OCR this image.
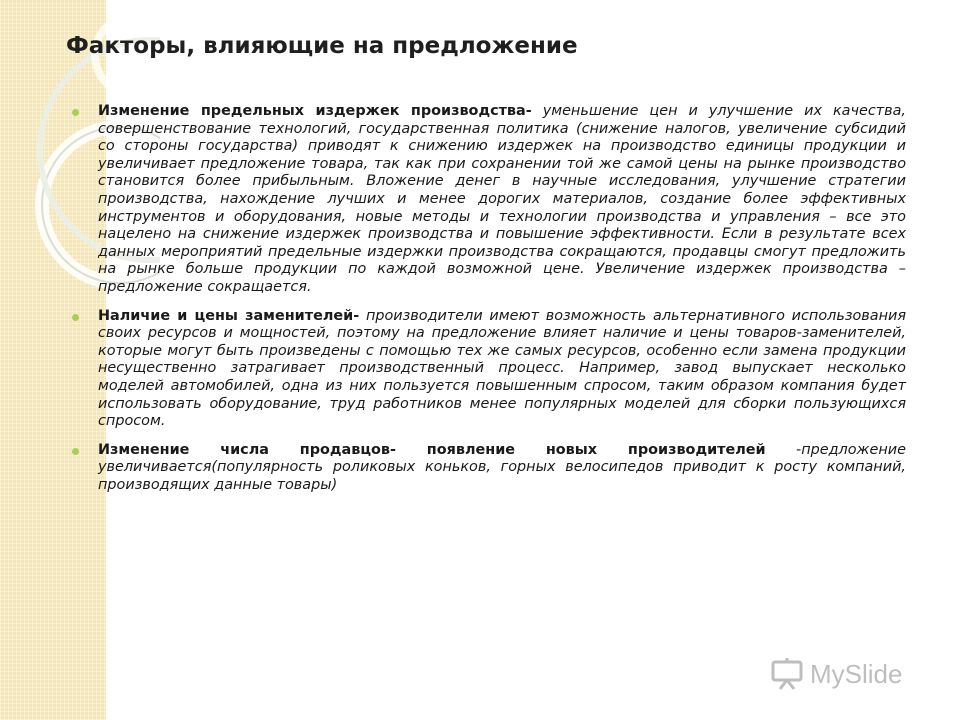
Факторы, влияющие на предложение
Изменение предельных издержек производства- уменьшение цен и улучшение их качества, совершенствование технологий, государственная политика (снижение налогов, увеличение субсидий со стороны государства) приводят к снижению издержек на производство единицы продукции и увеличивает предложение товара, так как при сохранении той же самой цены на рынке производство становится более прибыльным. Вложение денег в научные исследования, улучшение стратегии производства, нахождение лучших и менее дорогих материалов, создание более эффективных инструментов и оборудования, новые методы и технологии производства и управления – все это нацелено на снижение издержек производства и повышение эффективности. Если в результате всех данных мероприятий предельные издержки производства сокращаются, продавцы смогут предложить на рынке больше продукции по каждой возможной цене. Увеличение издержек производства – предложение сокращается.
Наличие и цены заменителей- производители имеют возможность альтернативного использования своих ресурсов и мощностей, поэтому на предложение влияет наличие и цены товаров-заменителей, которые могут быть произведены с помощью тех же самых ресурсов, особенно если замена продукции несущественно затрагивает производственный процесс. Например, завод выпускает несколько моделей автомобилей, одна из них пользуется повышенным спросом, таким образом компания будет использовать оборудование, труд работников менее популярных моделей для сборки пользующихся спросом.
Изменение числа продавцов- появление новых производителей -предложение увеличивается(популярность роликовых коньков, горных велосипедов приводит к росту компаний, производящих данные товары)
MySlide
